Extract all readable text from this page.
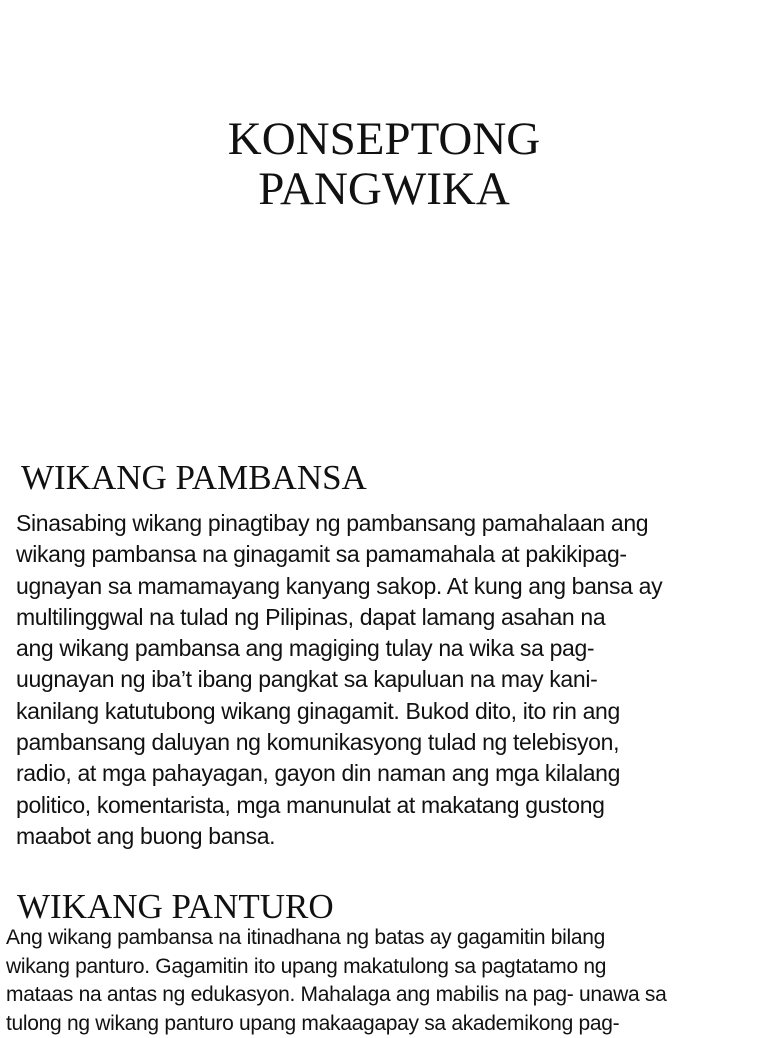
KONSEPTONG
PANGWIKA
WIKANG PAMBANSA
Sinasabing wikang pinagtibay ng pambansang pamahalaan ang
wikang pambansa na ginagamit sa pamamahala at pakikipag-
ugnayan sa mamamayang kanyang sakop. At kung ang bansa ay
multilinggwal na tulad ng Pilipinas, dapat lamang asahan na
ang wikang pambansa ang magiging tulay na wika sa pag-
uugnayan ng iba’t ibang pangkat sa kapuluan na may kani-
kanilang katutubong wikang ginagamit. Bukod dito, ito rin ang
pambansang daluyan ng komunikasyong tulad ng telebisyon,
radio, at mga pahayagan, gayon din naman ang mga kilalang
politico, komentarista, mga manunulat at makatang gustong
maabot ang buong bansa.
WIKANG PANTURO
Ang wikang pambansa na itinadhana ng batas ay gagamitin bilang
wikang panturo. Gagamitin ito upang makatulong sa pagtatamo ng
mataas na antas ng edukasyon. Mahalaga ang mabilis na pag- unawa sa
tulong ng wikang panturo upang makaagapay sa akademikong pag-
